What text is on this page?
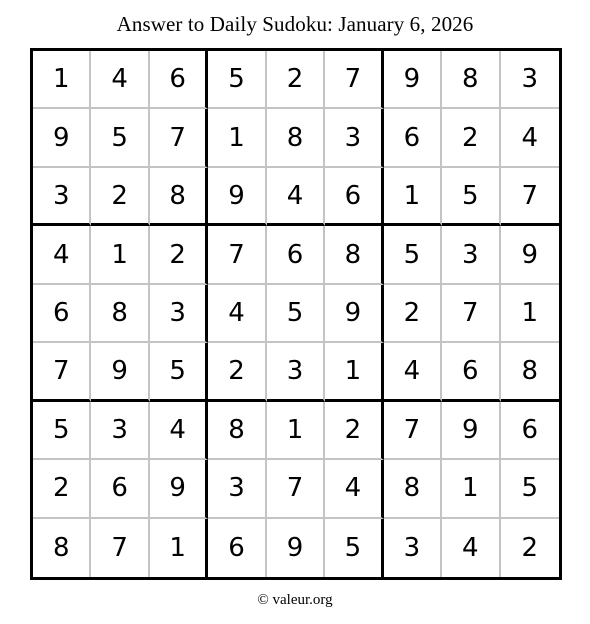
Answer to Daily Sudoku: January 6, 2026
1	4	6	5	2	7	9	8	3
9	5	7	1	8	3	6	2	4
3	2	8	9	4	6	1	5	7
4	1	2	7	6	8	5	3	9
6	8	3	4	5	9	2	7	1
7	9	5	2	3	1	4	6	8
5	3	4	8	1	2	7	9	6
2	6	9	3	7	4	8	1	5
8	7	1	6	9	5	3	4	2
© valeur.org
